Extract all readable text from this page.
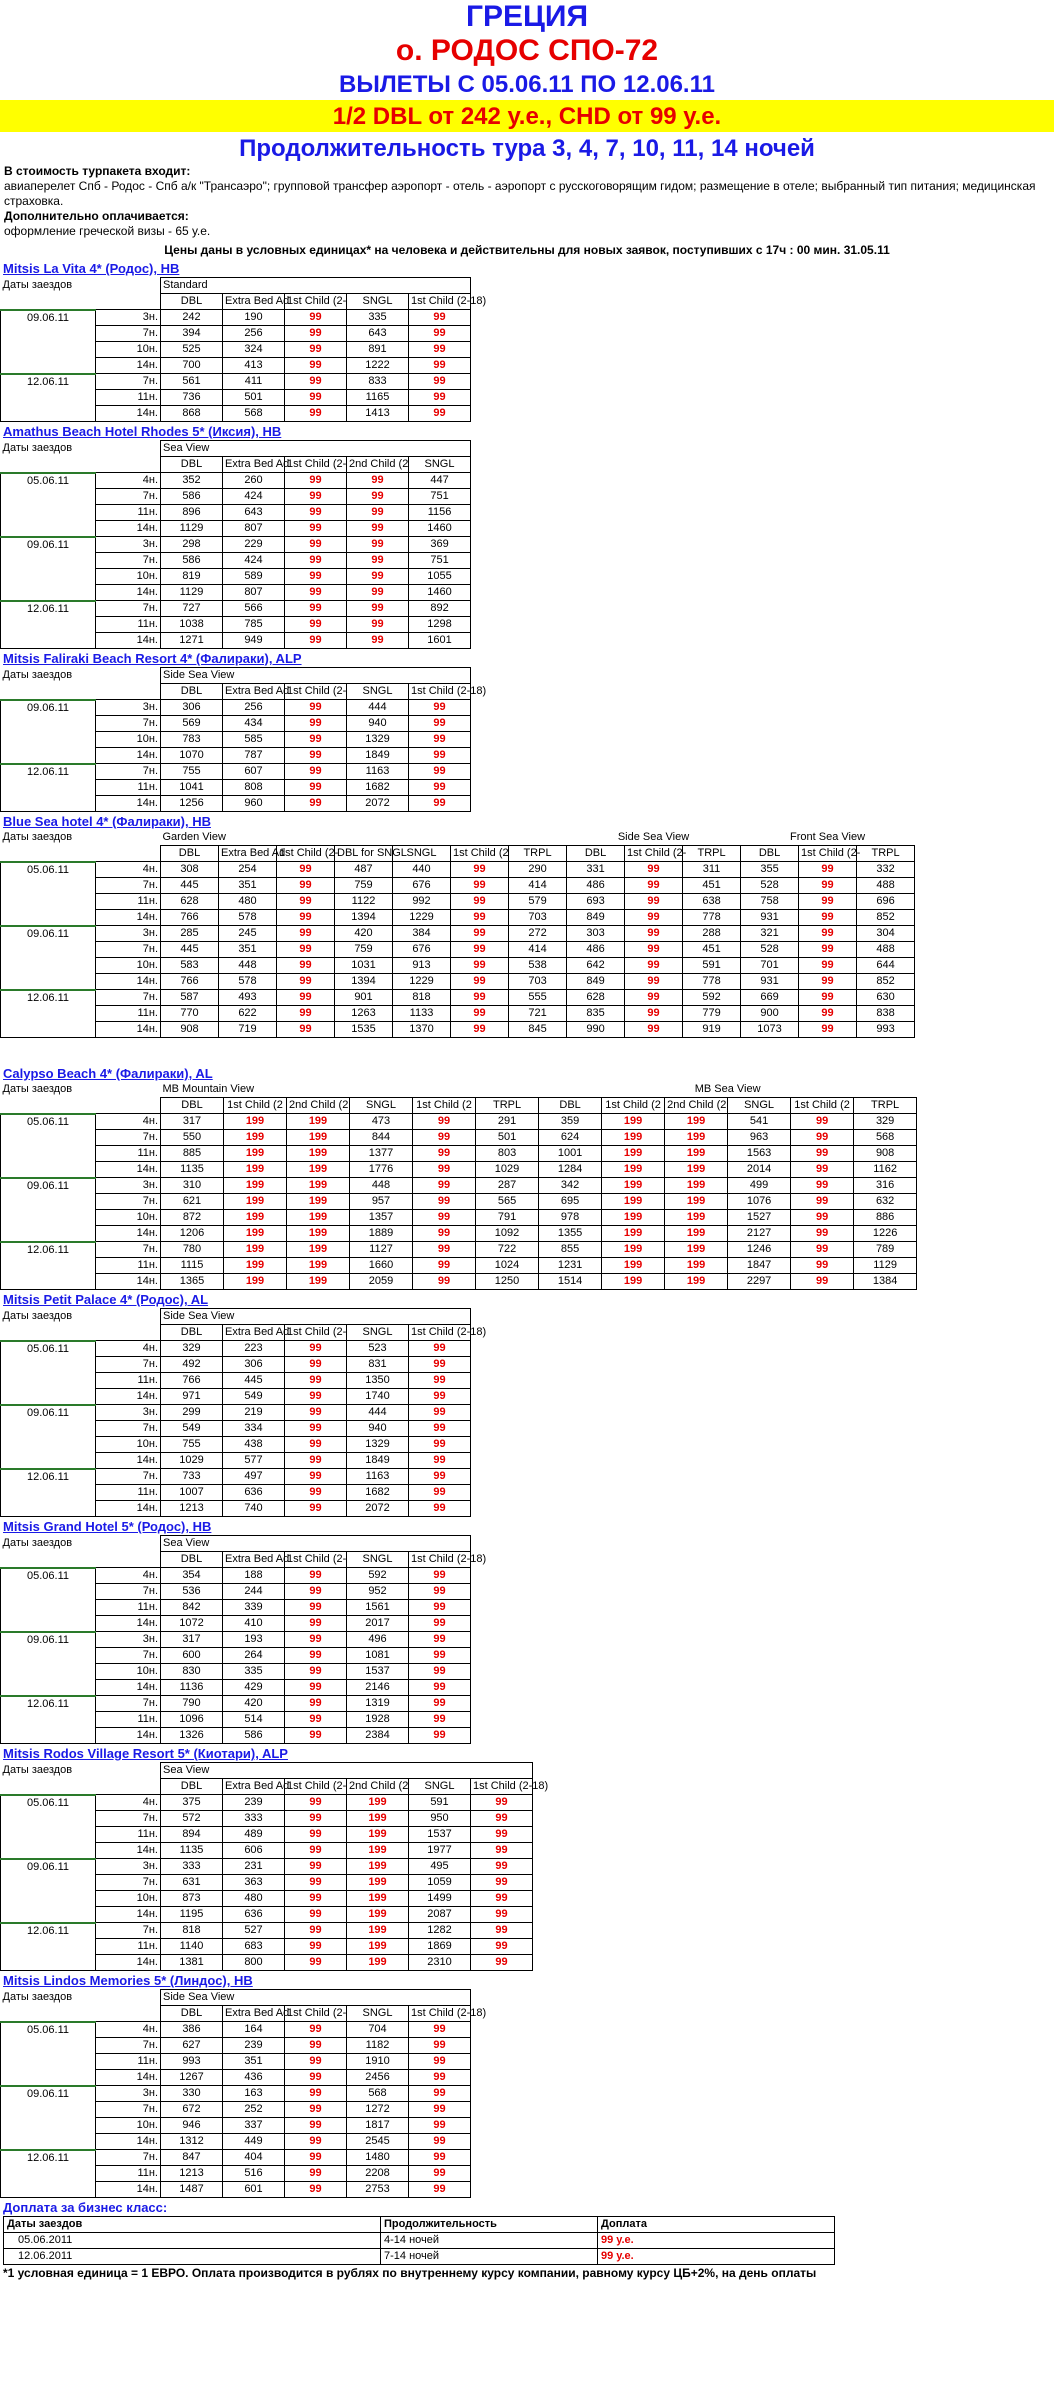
ГРЕЦИЯ
о. РОДОС СПО-72
ВЫЛЕТЫ С 05.06.11 ПО 12.06.11
1/2 DBL от 242 у.е., CHD от 99 у.е.
Продолжительность тура 3, 4, 7, 10, 11, 14 ночей
В стоимость турпакета входит:
авиаперелет Спб - Родос - Спб а/к "Трансаэро"; групповой трансфер аэропорт - отель - аэропорт с русскоговорящим гидом; размещение в отеле; выбранный тип питания; медицинская страховка.
Дополнительно оплачивается:
оформление греческой визы - 65 у.е.
Цены даны в условных единицах* на человека и действительны для новых заявок, поступивших с 17ч : 00 мин. 31.05.11
Mitsis La Vita 4* (Родос), HB
Даты заездов		Standard				
		DBL	Extra Bed Ad	1st Child (2-	SNGL	1st Child (2-18)
09.06.11	3н.	242	190	99	335	99
	7н.	394	256	99	643	99
	10н.	525	324	99	891	99
	14н.	700	413	99	1222	99
12.06.11	7н.	561	411	99	833	99
	11н.	736	501	99	1165	99
	14н.	868	568	99	1413	99
Amathus Beach Hotel Rhodes 5* (Иксия), HB
Даты заездов		Sea View				
		DBL	Extra Bed Ad	1st Child (2-	2nd Child (2	SNGL
05.06.11	4н.	352	260	99	99	447
	7н.	586	424	99	99	751
	11н.	896	643	99	99	1156
	14н.	1129	807	99	99	1460
09.06.11	3н.	298	229	99	99	369
	7н.	586	424	99	99	751
	10н.	819	589	99	99	1055
	14н.	1129	807	99	99	1460
12.06.11	7н.	727	566	99	99	892
	11н.	1038	785	99	99	1298
	14н.	1271	949	99	99	1601
Mitsis Faliraki Beach Resort 4* (Фалираки), ALP
Даты заездов		Side Sea View				
		DBL	Extra Bed Ad	1st Child (2-	SNGL	1st Child (2-18)
09.06.11	3н.	306	256	99	444	99
	7н.	569	434	99	940	99
	10н.	783	585	99	1329	99
	14н.	1070	787	99	1849	99
12.06.11	7н.	755	607	99	1163	99
	11н.	1041	808	99	1682	99
	14н.	1256	960	99	2072	99
Blue Sea hotel 4* (Фалираки), HB
Даты заездов		Garden View							Side Sea View			Front Sea View		
		DBL	Extra Bed Ad	1st Child (2-	DBL for SNGL	SNGL	1st Child (2	TRPL	DBL	1st Child (2-	TRPL	DBL	1st Child (2-	TRPL
05.06.11	4н.	308	254	99	487	440	99	290	331	99	311	355	99	332
	7н.	445	351	99	759	676	99	414	486	99	451	528	99	488
	11н.	628	480	99	1122	992	99	579	693	99	638	758	99	696
	14н.	766	578	99	1394	1229	99	703	849	99	778	931	99	852
09.06.11	3н.	285	245	99	420	384	99	272	303	99	288	321	99	304
	7н.	445	351	99	759	676	99	414	486	99	451	528	99	488
	10н.	583	448	99	1031	913	99	538	642	99	591	701	99	644
	14н.	766	578	99	1394	1229	99	703	849	99	778	931	99	852
12.06.11	7н.	587	493	99	901	818	99	555	628	99	592	669	99	630
	11н.	770	622	99	1263	1133	99	721	835	99	779	900	99	838
	14н.	908	719	99	1535	1370	99	845	990	99	919	1073	99	993
Calypso Beach 4* (Фалираки), AL
Даты заездов		MB Mountain View						MB Sea View					
		DBL	1st Child (2	2nd Child (2	SNGL	1st Child (2	TRPL	DBL	1st Child (2	2nd Child (2	SNGL	1st Child (2	TRPL
05.06.11	4н.	317	199	199	473	99	291	359	199	199	541	99	329
	7н.	550	199	199	844	99	501	624	199	199	963	99	568
	11н.	885	199	199	1377	99	803	1001	199	199	1563	99	908
	14н.	1135	199	199	1776	99	1029	1284	199	199	2014	99	1162
09.06.11	3н.	310	199	199	448	99	287	342	199	199	499	99	316
	7н.	621	199	199	957	99	565	695	199	199	1076	99	632
	10н.	872	199	199	1357	99	791	978	199	199	1527	99	886
	14н.	1206	199	199	1889	99	1092	1355	199	199	2127	99	1226
12.06.11	7н.	780	199	199	1127	99	722	855	199	199	1246	99	789
	11н.	1115	199	199	1660	99	1024	1231	199	199	1847	99	1129
	14н.	1365	199	199	2059	99	1250	1514	199	199	2297	99	1384
Mitsis Petit Palace 4* (Родос), AL
Даты заездов		Side Sea View				
		DBL	Extra Bed Ad	1st Child (2-	SNGL	1st Child (2-18)
05.06.11	4н.	329	223	99	523	99
	7н.	492	306	99	831	99
	11н.	766	445	99	1350	99
	14н.	971	549	99	1740	99
09.06.11	3н.	299	219	99	444	99
	7н.	549	334	99	940	99
	10н.	755	438	99	1329	99
	14н.	1029	577	99	1849	99
12.06.11	7н.	733	497	99	1163	99
	11н.	1007	636	99	1682	99
	14н.	1213	740	99	2072	99
Mitsis Grand Hotel 5* (Родос), HB
Даты заездов		Sea View				
		DBL	Extra Bed Ad	1st Child (2-	SNGL	1st Child (2-18)
05.06.11	4н.	354	188	99	592	99
	7н.	536	244	99	952	99
	11н.	842	339	99	1561	99
	14н.	1072	410	99	2017	99
09.06.11	3н.	317	193	99	496	99
	7н.	600	264	99	1081	99
	10н.	830	335	99	1537	99
	14н.	1136	429	99	2146	99
12.06.11	7н.	790	420	99	1319	99
	11н.	1096	514	99	1928	99
	14н.	1326	586	99	2384	99
Mitsis Rodos Village Resort 5* (Киотари), ALP
Даты заездов		Sea View					
		DBL	Extra Bed Ad	1st Child (2-	2nd Child (2	SNGL	1st Child (2-18)
05.06.11	4н.	375	239	99	199	591	99
	7н.	572	333	99	199	950	99
	11н.	894	489	99	199	1537	99
	14н.	1135	606	99	199	1977	99
09.06.11	3н.	333	231	99	199	495	99
	7н.	631	363	99	199	1059	99
	10н.	873	480	99	199	1499	99
	14н.	1195	636	99	199	2087	99
12.06.11	7н.	818	527	99	199	1282	99
	11н.	1140	683	99	199	1869	99
	14н.	1381	800	99	199	2310	99
Mitsis Lindos Memories 5* (Линдос), HB
Даты заездов		Side Sea View				
		DBL	Extra Bed Ad	1st Child (2-	SNGL	1st Child (2-18)
05.06.11	4н.	386	164	99	704	99
	7н.	627	239	99	1182	99
	11н.	993	351	99	1910	99
	14н.	1267	436	99	2456	99
09.06.11	3н.	330	163	99	568	99
	7н.	672	252	99	1272	99
	10н.	946	337	99	1817	99
	14н.	1312	449	99	2545	99
12.06.11	7н.	847	404	99	1480	99
	11н.	1213	516	99	2208	99
	14н.	1487	601	99	2753	99
Доплата за бизнес класс:
Даты заездов	Продолжительность	Доплата
05.06.2011	4-14 ночей	99 у.е.
12.06.2011	7-14 ночей	99 у.е.
*1 условная единица = 1 ЕВРО. Оплата производится в рублях по внутреннему курсу компании, равному курсу ЦБ+2%, на день оплаты
